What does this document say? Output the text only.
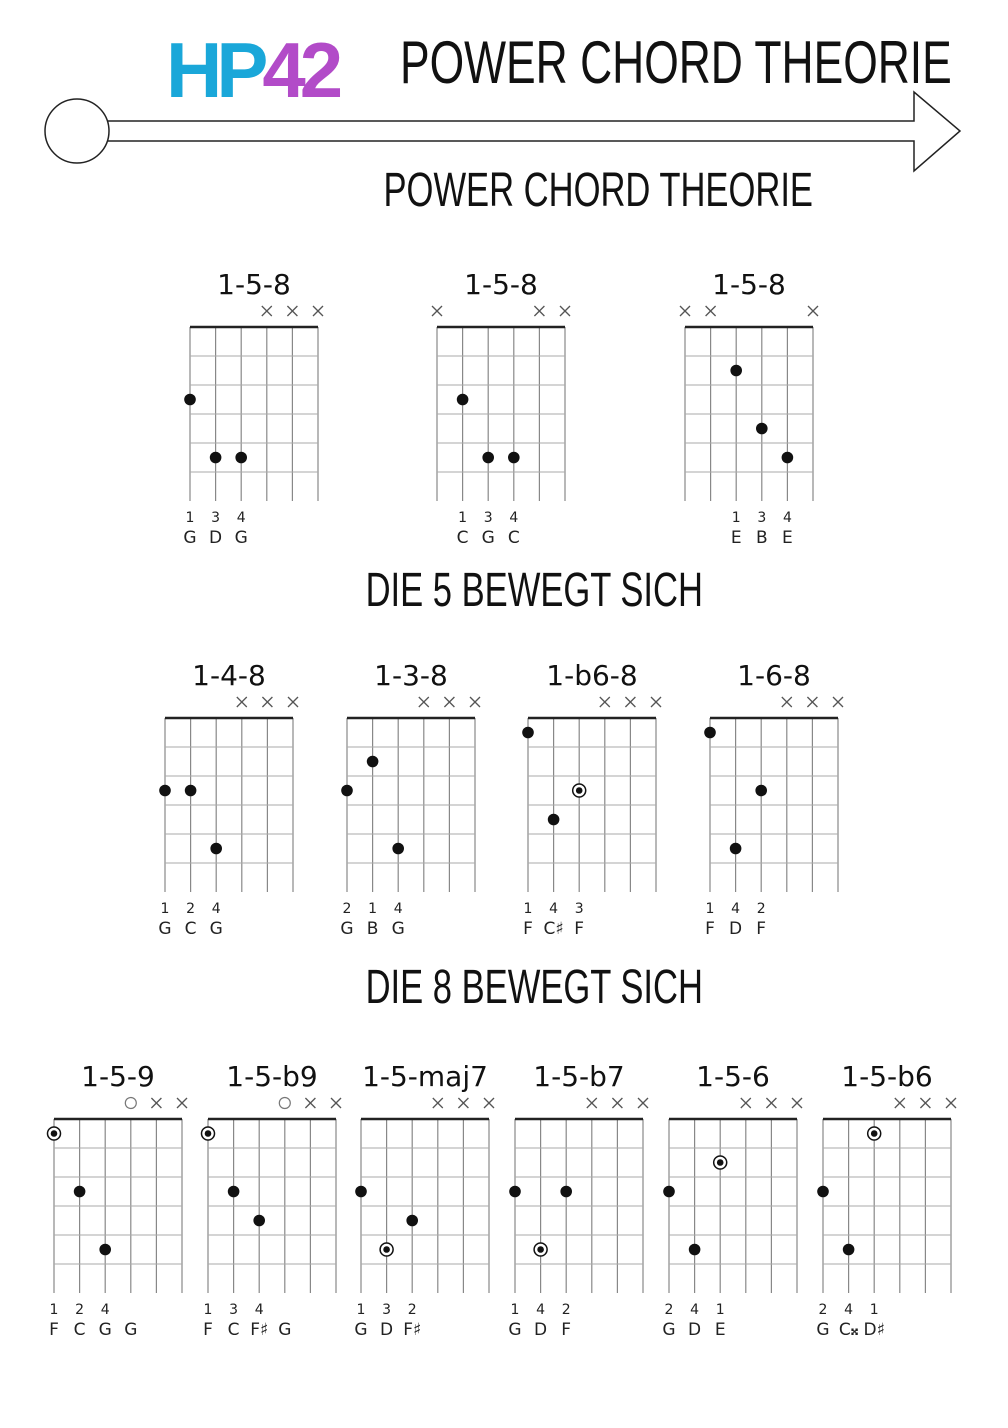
HP42 POWER CHORD THEORIE
POWER CHORD THEORIE
DIE 5 BEWEGT SICH
DIE 8 BEWEGT SICH
1-5-8
1 3 4
G D G
1-5-8
1 3 4
C G C
1-5-8
1 3 4
E B E
1-4-8
1 2 4
G C G
1-3-8
2 1 4
G B G
1-b6-8
1 4 3
F C♯ F
1-6-8
1 4 2
F D F
1-5-9
1 2 4
F C G G
1-5-b9
1 3 4
F C F♯ G
1-5-maj7
1 3 2
G D F♯
1-5-b7
1 4 2
G D F
1-5-6
2 4 1
G D E
1-5-b6
2 4 1
G C𝄪 D♯
